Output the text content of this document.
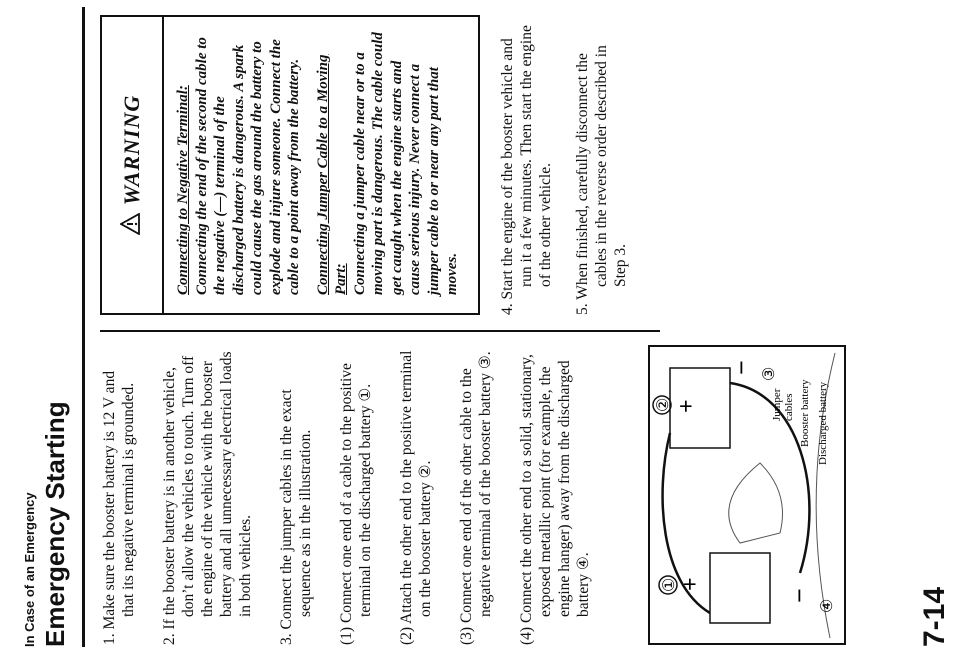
In Case of an Emergency Emergency Starting 1. Make sure the booster battery is 12 V and that its negative terminal is grounded.

2. If the booster battery is in another vehicle, don’t allow the vehicles to touch. Turn off the engine of the vehicle with the booster battery and all unnecessary electrical loads in both vehicles.

3. Connect the jumper cables in the exact sequence as in the illustration.

(1) Connect one end of a cable to the positive terminal on the discharged battery ①.

(2) Attach the other end to the positive terminal on the booster battery ②.

(3) Connect one end of the other cable to the negative terminal of the booster battery ③.

(4) Connect the other end to a solid, stationary, exposed metallic point (for example, the engine hanger) away from the discharged battery ④.	① +
② +
− ③
−
④
Jumper cables Booster battery Discharged battery
7-14
WARNING Connecting to Negative Terminal: Connecting the end of the second cable to the negative (—) terminal of the discharged battery is dangerous. A spark could cause the gas around the battery to explode and injure someone. Connect the cable to a point away from the battery. Connecting Jumper Cable to a Moving Part: Connecting a jumper cable near or to a moving part is dangerous. The cable could get caught when the engine starts and cause serious injury. Never connect a jumper cable to or near any part that moves.

4. Start the engine of the booster vehicle and run it a few minutes. Then start the engine of the other vehicle.

5. When finished, carefully disconnect the cables in the reverse order described in Step 3.
